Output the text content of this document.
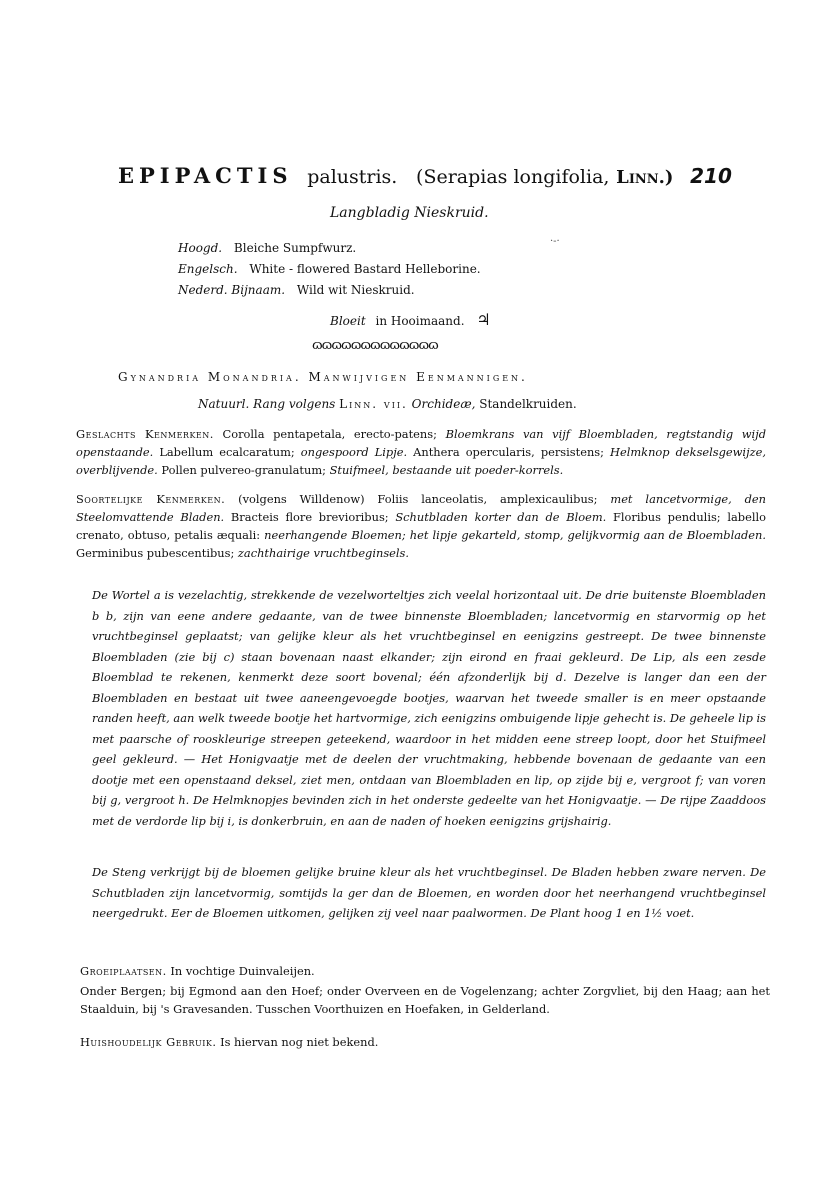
EPIPACTIS palustris. (Serapias longifolia, Linn.) 210
Langbladig Nieskruid.
Hoogd. Bleiche Sumpfwurz.
Engelsch. White - flowered Bastard Helleborine.
Nederd. Bijnaam. Wild wit Nieskruid.
·‑·
Bloeit in Hooimaand. ♃
ɷɷɷɷɷɷɷɷɷɷɷɷɷ
Gynandria Monandria. Manwijvigen Eenmannigen.
Natuurl. Rang volgens Linn. vii. Orchideæ, Standelkruiden.
Geslachts Kenmerken. Corolla pentapetala, erecto-patens; Bloemkrans van vijf Bloembladen, regtstandig wijd openstaande. Labellum ecalcaratum; ongespoord Lipje. Anthera opercularis, persistens; Helmknop dekselsgewijze, overblijvende. Pollen pulvereo-granulatum; Stuifmeel, bestaande uit poeder-korrels.
Soortelijke Kenmerken. (volgens Willdenow) Foliis lanceolatis, amplexicaulibus; met lancetvormige, den Steelomvattende Bladen. Bracteis flore brevioribus; Schutbladen korter dan de Bloem. Floribus pendulis; labello crenato, obtuso, petalis æquali: neerhangende Bloemen; het lipje gekarteld, stomp, gelijkvormig aan de Bloembladen. Germinibus pubescentibus; zachthairige vruchtbeginsels.
De Wortel a is vezelachtig, strekkende de vezelworteltjes zich veelal horizontaal uit. De drie buitenste Bloembladen b b, zijn van eene andere gedaante, van de twee binnenste Bloembladen; lancetvormig en starvormig op het vruchtbeginsel geplaatst; van gelijke kleur als het vruchtbeginsel en eenigzins gestreept. De twee binnenste Bloembladen (zie bij c) staan bovenaan naast elkander; zijn eirond en fraai gekleurd. De Lip, als een zesde Bloemblad te rekenen, kenmerkt deze soort bovenal; één afzonderlijk bij d. Dezelve is langer dan een der Bloembladen en bestaat uit twee aaneengevoegde bootjes, waarvan het tweede smaller is en meer opstaande randen heeft, aan welk tweede bootje het hartvormige, zich eenigzins ombuigende lipje gehecht is. De geheele lip is met paarsche of rooskleurige streepen geteekend, waardoor in het midden eene streep loopt, door het Stuifmeel geel gekleurd. — Het Honigvaatje met de deelen der vruchtmaking, hebbende bovenaan de gedaante van een dootje met een openstaand deksel, ziet men, ontdaan van Bloembladen en lip, op zijde bij e, vergroot f; van voren bij g, vergroot h. De Helmknopjes bevinden zich in het onderste gedeelte van het Honigvaatje. — De rijpe Zaaddoos met de verdorde lip bij i, is donkerbruin, en aan de naden of hoeken eenigzins grijshairig.
De Steng verkrijgt bij de bloemen gelijke bruine kleur als het vruchtbeginsel. De Bladen hebben zware nerven. De Schutbladen zijn lancetvormig, somtijds la ger dan de Bloemen, en worden door het neerhangend vruchtbeginsel neergedrukt. Eer de Bloemen uitkomen, gelijken zij veel naar paalwormen. De Plant hoog 1 en 1½ voet.
Groeiplaatsen. In vochtige Duinvaleijen.
Onder Bergen; bij Egmond aan den Hoef; onder Overveen en de Vogelenzang; achter Zorgvliet, bij den Haag; aan het Staalduin, bij 's Gravesanden. Tusschen Voorthuizen en Hoefaken, in Gelderland.
Huishoudelijk Gebruik. Is hiervan nog niet bekend.
